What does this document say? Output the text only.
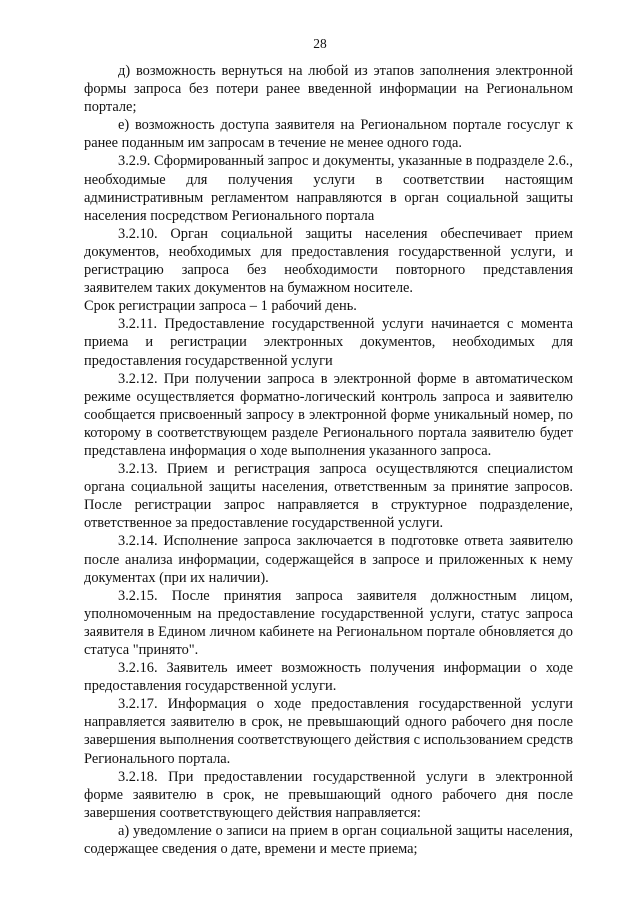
28

д) возможность вернуться на любой из этапов заполнения электронной формы запроса без потери ранее введенной информации на Региональном портале;

е) возможность доступа заявителя на Региональном портале госуслуг к ранее поданным им запросам в течение не менее одного года.

3.2.9. Сформированный запрос и документы, указанные в подразделе 2.6., необходимые для получения услуги в соответствии настоящим административным регламентом направляются в орган социальной защиты населения посредством Регионального портала

3.2.10. Орган социальной защиты населения обеспечивает прием документов, необходимых для предоставления государственной услуги, и регистрацию запроса без необходимости повторного представления заявителем таких документов на бумажном носителе.

Срок регистрации запроса – 1 рабочий день.

3.2.11. Предоставление государственной услуги начинается с момента приема и регистрации электронных документов, необходимых для предоставления государственной услуги

3.2.12. При получении запроса в электронной форме в автоматическом режиме осуществляется форматно-логический контроль запроса и заявителю сообщается присвоенный запросу в электронной форме уникальный номер, по которому в соответствующем разделе Регионального портала заявителю будет представлена информация о ходе выполнения указанного запроса.

3.2.13. Прием и регистрация запроса осуществляются специалистом органа социальной защиты населения, ответственным за принятие запросов. После регистрации запрос направляется в структурное подразделение, ответственное за предоставление государственной услуги.

3.2.14. Исполнение запроса заключается в подготовке ответа заявителю после анализа информации, содержащейся в запросе и приложенных к нему документах (при их наличии).

3.2.15. После принятия запроса заявителя должностным лицом, уполномоченным на предоставление государственной услуги, статус запроса заявителя в Едином личном кабинете на Региональном портале обновляется до статуса "принято".

3.2.16. Заявитель имеет возможность получения информации о ходе предоставления государственной услуги.

3.2.17. Информация о ходе предоставления государственной услуги направляется заявителю в срок, не превышающий одного рабочего дня после завершения выполнения соответствующего действия с использованием средств Регионального портала.

3.2.18. При предоставлении государственной услуги в электронной форме заявителю в срок, не превышающий одного рабочего дня после завершения соответствующего действия направляется:

а) уведомление о записи на прием в орган социальной защиты населения, содержащее сведения о дате, времени и месте приема;
